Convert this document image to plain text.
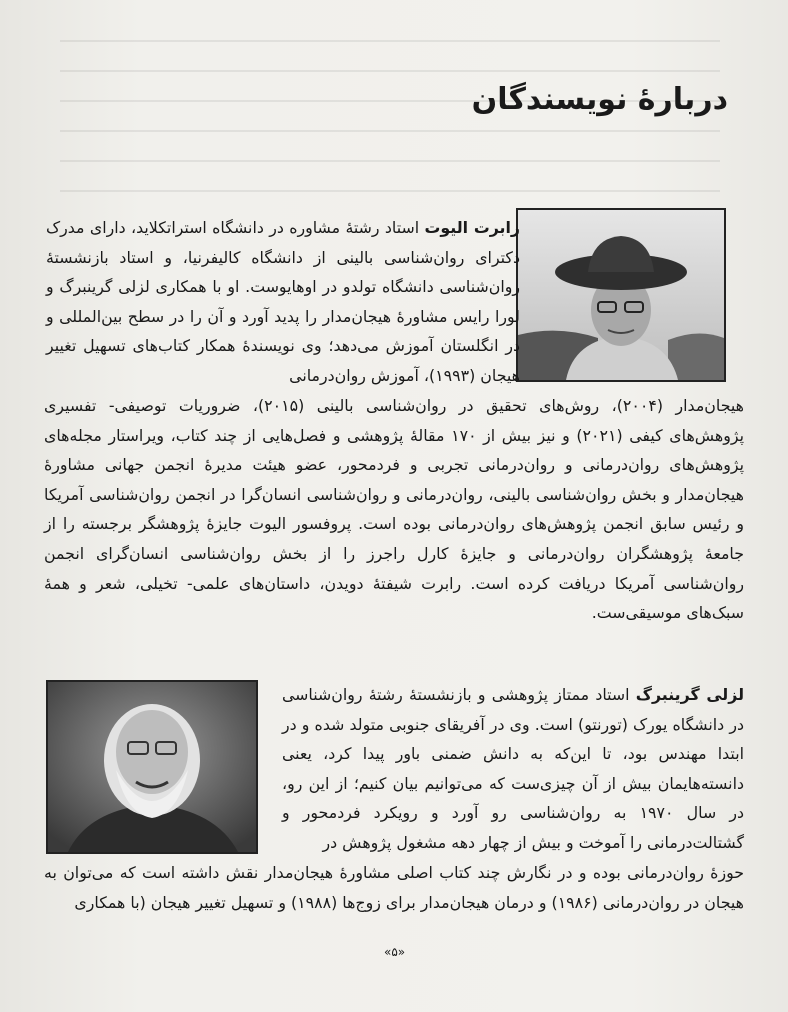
دربارهٔ نویسندگان

رابرت الیوت استاد رشتهٔ مشاوره در دانشگاه استراتکلاید، دارای مدرک دکترای روان‌شناسی بالینی از دانشگاه کالیفرنیا، و استاد بازنشستهٔ روان‌شناسی دانشگاه تولدو در اوهایوست. او با همکاری لزلی گرینبرگ و لورا رایس مشاورهٔ هیجان‌مدار را پدید آورد و آن را در سطح بین‌المللی و در انگلستان آموزش می‌دهد؛ وی نویسندهٔ همکار کتاب‌های تسهیل تغییر هیجان (۱۹۹۳)، آموزش روان‌درمانی

هیجان‌مدار (۲۰۰۴)، روش‌های تحقیق در روان‌شناسی بالینی (۲۰۱۵)، ضروریات توصیفی- تفسیری پژوهش‌های کیفی (۲۰۲۱) و نیز بیش از ۱۷۰ مقالهٔ پژوهشی و فصل‌هایی از چند کتاب، ویراستار مجله‌های پژوهش‌های روان‌درمانی و روان‌درمانی تجربی و فردمحور، عضو هیئت مدیرهٔ انجمن جهانی مشاورهٔ هیجان‌مدار و بخش روان‌شناسی بالینی، روان‌درمانی و روان‌شناسی انسان‌گرا در انجمن روان‌شناسی آمریکا و رئیس سابق انجمن پژوهش‌های روان‌درمانی بوده است. پروفسور الیوت جایزهٔ پژوهشگر برجسته را از جامعهٔ پژوهشگران روان‌درمانی و جایزهٔ کارل راجرز را از بخش روان‌شناسی انسان‌گرای انجمن روان‌شناسی آمریکا دریافت کرده است. رابرت شیفتهٔ دویدن، داستان‌های علمی- تخیلی، شعر و همهٔ سبک‌های موسیقی‌ست.

لزلی گرینبرگ استاد ممتاز پژوهشی و بازنشستهٔ رشتهٔ روان‌شناسی در دانشگاه یورک (تورنتو) است. وی در آفریقای جنوبی متولد شده و در ابتدا مهندس بود، تا این‌که به دانش ضمنی باور پیدا کرد، یعنی دانسته‌هایمان بیش از آن چیزی‌ست که می‌توانیم بیان کنیم؛ از این رو، در سال ۱۹۷۰ به روان‌شناسی رو آورد و رویکرد فردمحور و گشتالت‌درمانی را آموخت و بیش از چهار دهه مشغول پژوهش در

حوزهٔ روان‌درمانی بوده و در نگارش چند کتاب اصلی مشاورهٔ هیجان‌مدار نقش داشته است که می‌توان به هیجان در روان‌درمانی (۱۹۸۶) و درمان هیجان‌مدار برای زوج‌ها (۱۹۸۸) و تسهیل تغییر هیجان (با همکاری

«۵»
